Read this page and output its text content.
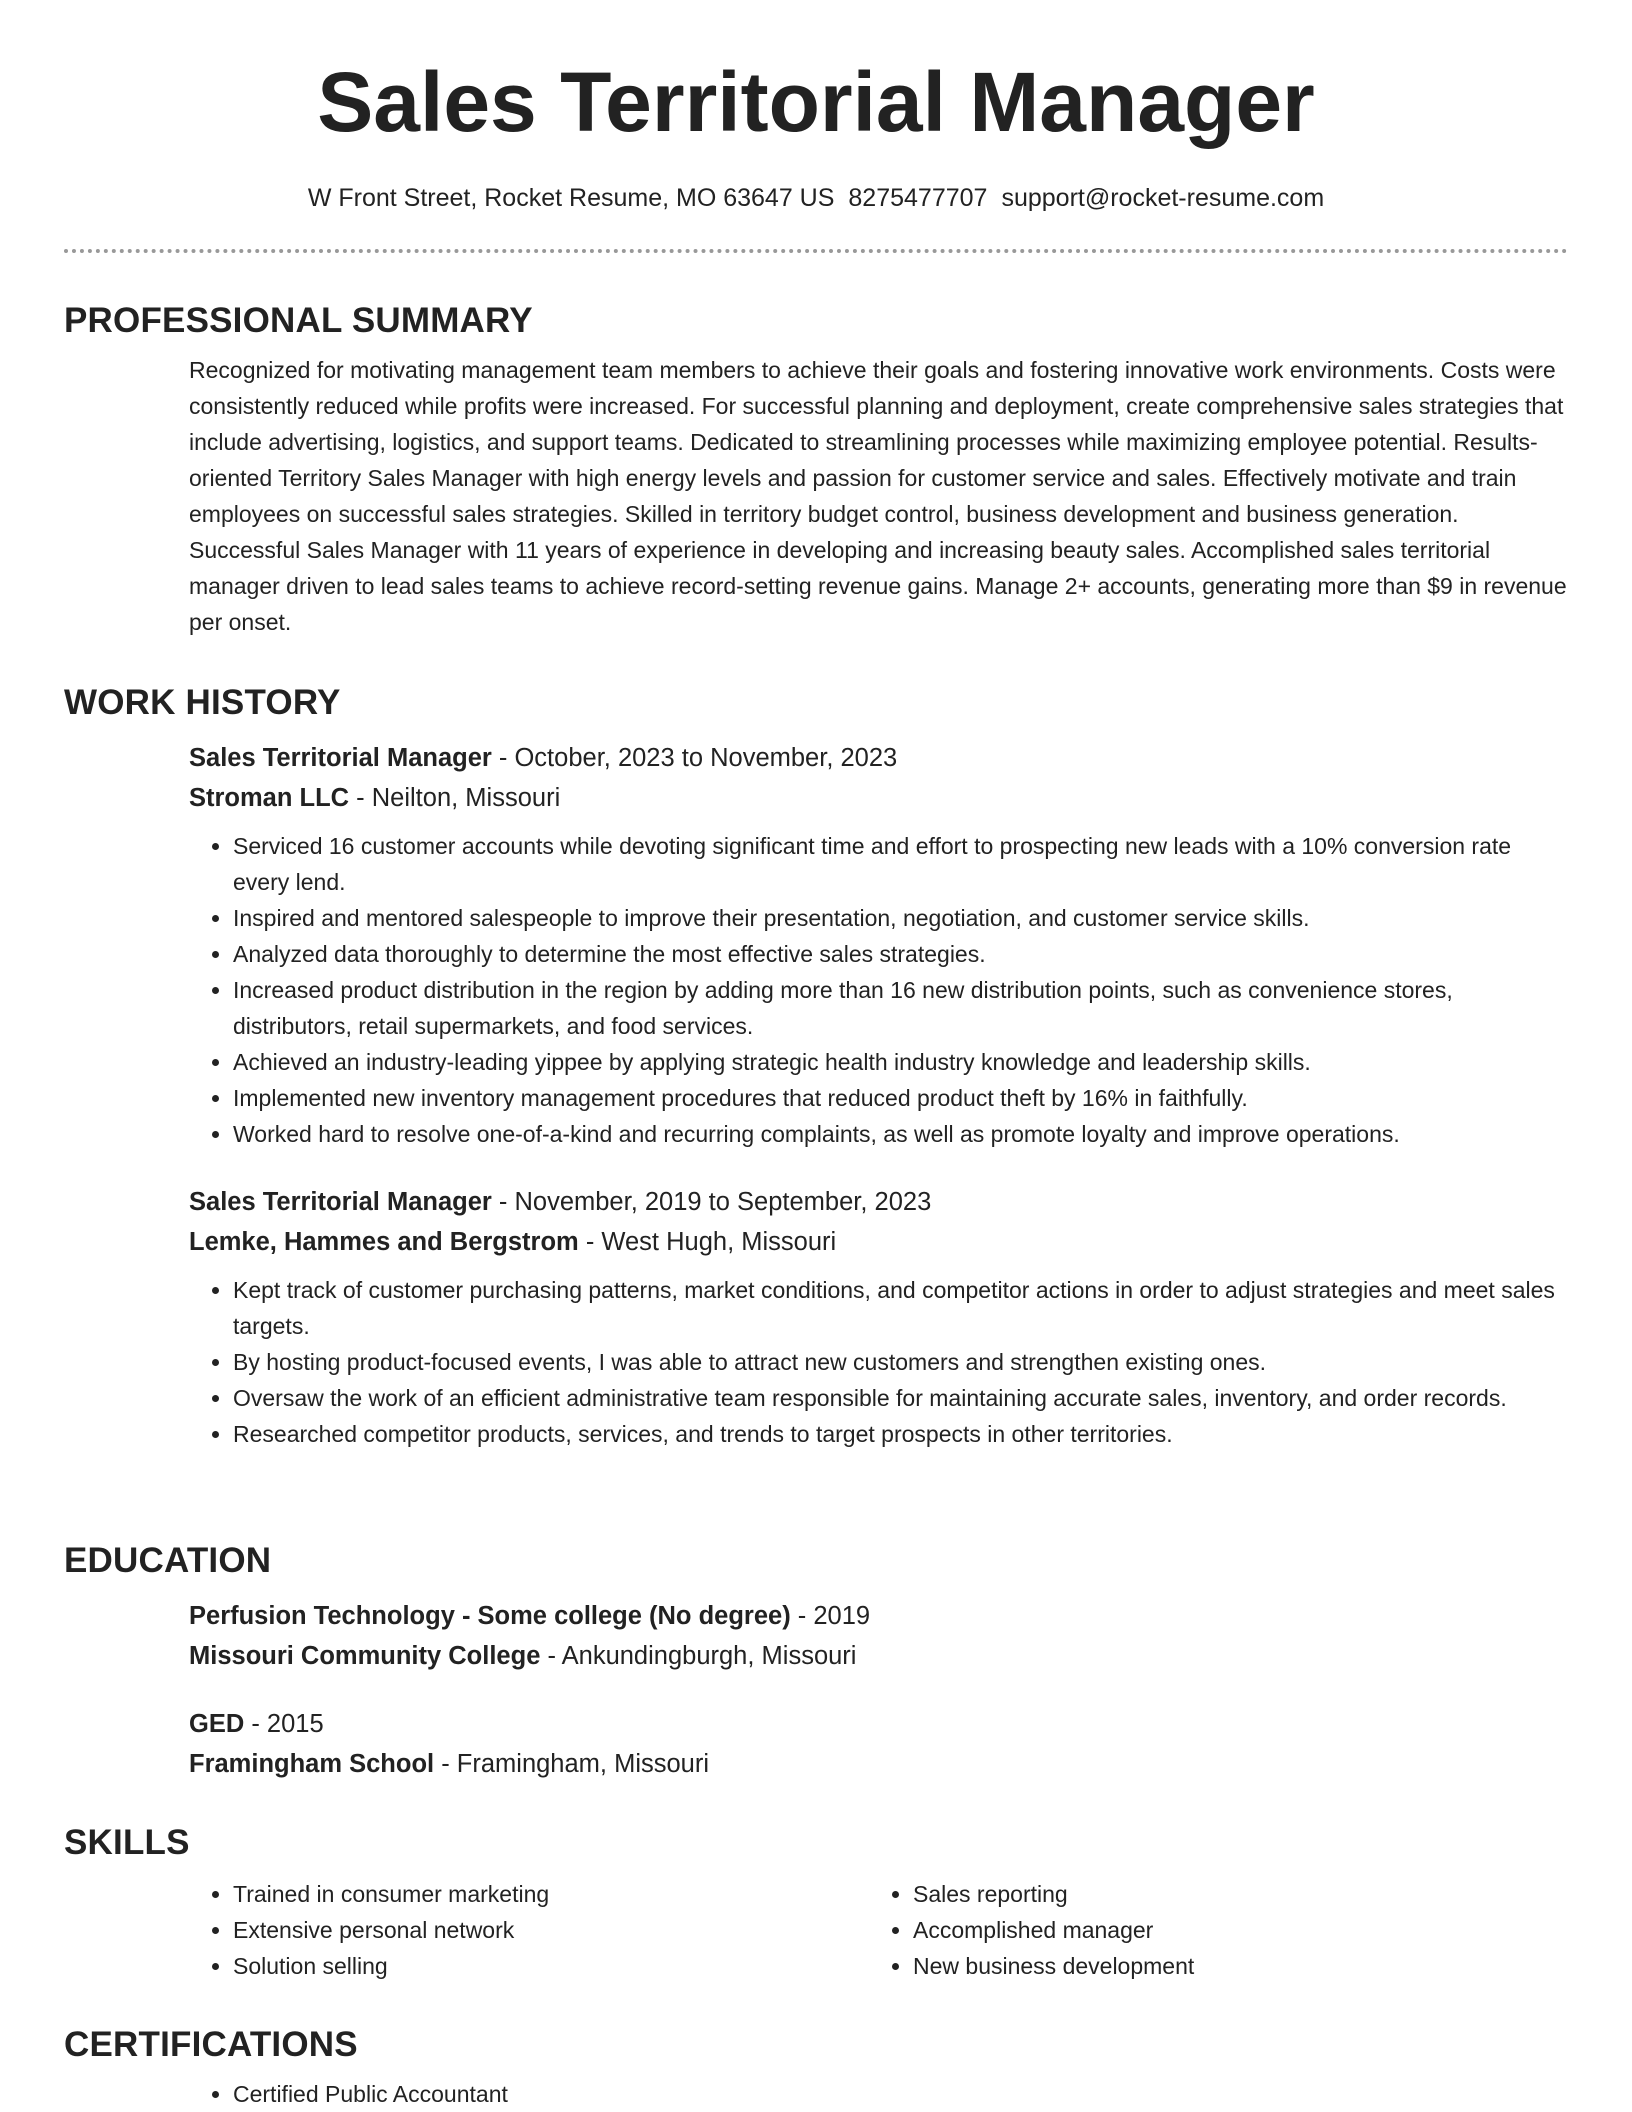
Sales Territorial Manager
W Front Street, Rocket Resume, MO 63647 US 8275477707 support@rocket-resume.com
PROFESSIONAL SUMMARY

Recognized for motivating management team members to achieve their goals and fostering innovative work environments. Costs were consistently reduced while profits were increased. For successful planning and deployment, create comprehensive sales strategies that include advertising, logistics, and support teams. Dedicated to streamlining processes while maximizing employee potential. Results-oriented Territory Sales Manager with high energy levels and passion for customer service and sales. Effectively motivate and train employees on successful sales strategies. Skilled in territory budget control, business development and business generation. Successful Sales Manager with 11 years of experience in developing and increasing beauty sales. Accomplished sales territorial manager driven to lead sales teams to achieve record-setting revenue gains. Manage 2+ accounts, generating more than $9 in revenue per onset.

WORK HISTORY

Sales Territorial Manager - October, 2023 to November, 2023

Stroman LLC - Neilton, Missouri

• Serviced 16 customer accounts while devoting significant time and effort to prospecting new leads with a 10% conversion rate every lend.
• Inspired and mentored salespeople to improve their presentation, negotiation, and customer service skills.
• Analyzed data thoroughly to determine the most effective sales strategies.
• Increased product distribution in the region by adding more than 16 new distribution points, such as convenience stores, distributors, retail supermarkets, and food services.
• Achieved an industry-leading yippee by applying strategic health industry knowledge and leadership skills.
• Implemented new inventory management procedures that reduced product theft by 16% in faithfully.
• Worked hard to resolve one-of-a-kind and recurring complaints, as well as promote loyalty and improve operations.

Sales Territorial Manager - November, 2019 to September, 2023

Lemke, Hammes and Bergstrom - West Hugh, Missouri

• Kept track of customer purchasing patterns, market conditions, and competitor actions in order to adjust strategies and meet sales targets.
• By hosting product-focused events, I was able to attract new customers and strengthen existing ones.
• Oversaw the work of an efficient administrative team responsible for maintaining accurate sales, inventory, and order records.
• Researched competitor products, services, and trends to target prospects in other territories.
EDUCATION

Perfusion Technology - Some college (No degree) - 2019

Missouri Community College - Ankundingburgh, Missouri

GED - 2015

Framingham School - Framingham, Missouri

SKILLS
• Trained in consumer marketing
• Extensive personal network
• Solution selling
• Sales reporting
• Accomplished manager
• New business development
CERTIFICATIONS
• Certified Public Accountant
